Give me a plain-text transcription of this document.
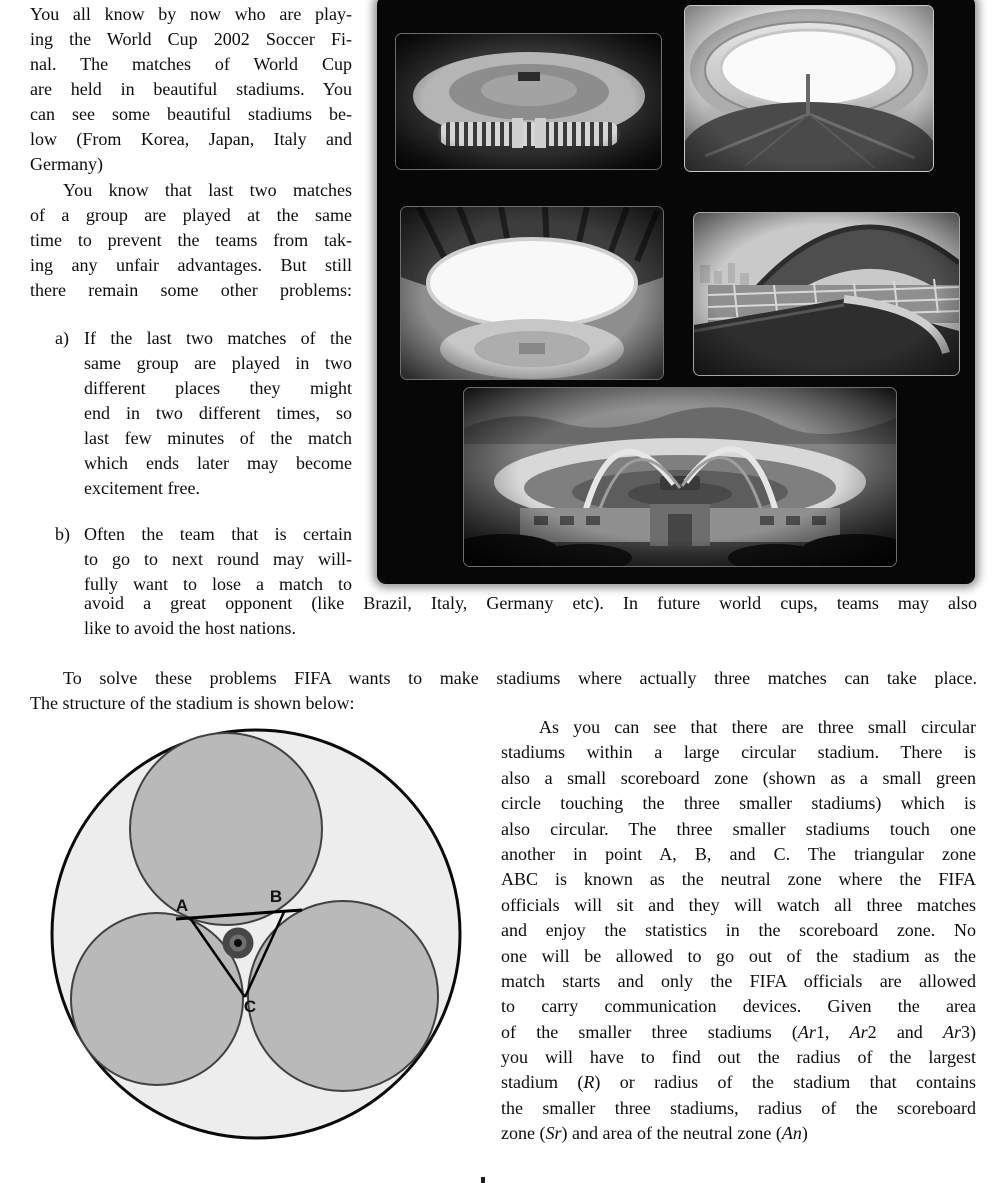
You all know by now who are play-
ing the World Cup 2002 Soccer Fi-
nal. The matches of World Cup
are held in beautiful stadiums. You
can see some beautiful stadiums be-
low (From Korea, Japan, Italy and
Germany)
You know that last two matches
of a group are played at the same
time to prevent the teams from tak-
ing any unfair advantages. But still
there remain some other problems:
a) If the last two matches of the
same group are played in two
different places they might
end in two different times, so
last few minutes of the match
which ends later may become
excitement free.
b) Often the team that is certain
to go to next round may will-
fully want to lose a match to
avoid a great opponent (like Brazil, Italy, Germany etc). In future world cups, teams may also
like to avoid the host nations.
To solve these problems FIFA wants to make stadiums where actually three matches can take place.
The structure of the stadium is shown below:
A	B
C
As you can see that there are three small circular
stadiums within a large circular stadium. There is
also a small scoreboard zone (shown as a small green
circle touching the three smaller stadiums) which is
also circular. The three smaller stadiums touch one
another in point A, B, and C. The triangular zone
ABC is known as the neutral zone where the FIFA
officials will sit and they will watch all three matches
and enjoy the statistics in the scoreboard zone. No
one will be allowed to go out of the stadium as the
match starts and only the FIFA officials are allowed
to carry communication devices. Given the area
of the smaller three stadiums (Ar1, Ar2 and Ar3)
you will have to find out the radius of the largest
stadium (R) or radius of the stadium that contains
the smaller three stadiums, radius of the scoreboard
zone (Sr) and area of the neutral zone (An)
